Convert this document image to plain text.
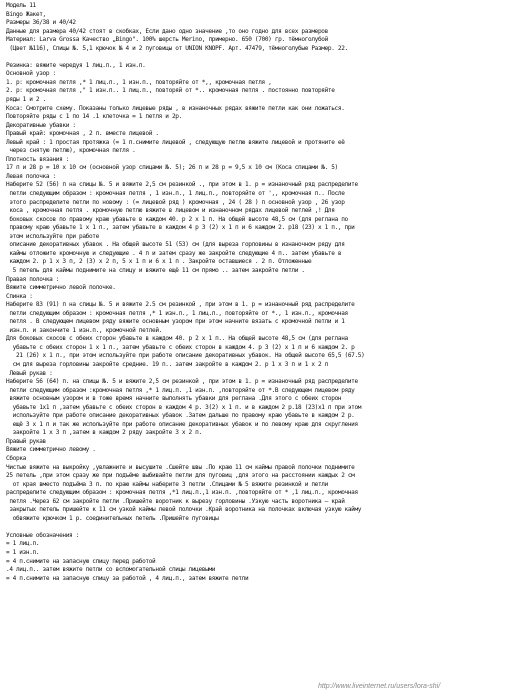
Модель 11
Bingo Жакет,
Размеры 36/38 и 40/42
Данные для размера 40/42 стоят в скобках, Если дано одно значение ,то оно годно для всех размеров
Материал: Larva Grossa Качество „Bingo". 100% шерсть Merino, примерно. 650 (700) гр. тёмноголубой
(Цвет №116), Спицы №. 5,1 крючок № 4 и 2 пуговицы от UNION KNOPF. Арт. 47479, тёмноголубые Размер. 22.
Резинка: вяжите чередуя 1 лиц.п., 1 изн.п.
Основной узор :
1. р: кромочная петля ,* 1 лиц.п., 1 изн.п., повторяйте от *,, кромочная петля ,
2. р: кромочная петля ," 1 изн.п.. 1 лиц.п., повторяй от *.. кромочная петля . постоянно повторяйте
ряды 1 и 2 .
Коса: Смотрите схему. Показаны только лицевые ряды , в изнаночных рядах вяжите петли как они ложаться.
Повторяйте ряды с 1 по 14 .1 клеточка = 1 петля и 2р.
Декоративные убавки :
Правый край: кромочная , 2 п. вместе лицевой .
Левый край : 1 простая протяжка (= 1 п.снимите лицевой , следующую петлю вяжите лицевой и протяните её
через снятую петлю), кромочная петля .
Плотность вязания :
17 п и 28 р = 10 х 10 см (основной узор спицами №. 5); 26 п и 28 р = 9,5 х 10 см (Коса спицами №. 5)
Левая полочка :
Наберите 52 (56) п на спицы №. 5 и вяжите 2,5 см резинкой ., при этом в 1. р = изнаночный ряд распределите
петли следующим образом : кромочная петля , 1 изн.п., 1 лиц.п., повторяйте от ',, кромочная п.. После
этого распределите петли по новому : (= лицевой ряд ) кромочная , 24 ( 28 ) п основной узор , 26 узор
коса , кромочная петля . кромочную петлю вяжите в лицевом и изнаночном рядах лицевой петлей ,! Для
боковых скосов по правому краю убавьте в каждом 40. р 2 х 1 п. На общей высоте 48,5 см (для реглана по
правому краю убавьте 1 х 1 п., затем убавьте в каждом 4 р 3 (2) х 1 п и 6 каждом 2. р18 (23) х 1 п., при
этом используйте при работе
описание декоративных убавок . На общей высоте 51 (53) см (для выреза горловины в изнаночном ряду для
каймы отложите кромочную и следующие . 4 п и затем сразу же закройте следующие 4 п.. затем убавьте в
каждом 2. р 1 х 3 п, 2 (3) х 2 п, 5 х 1 п и 6 х 1 п . Закройте оставшиеся . 2 п. Отложенные
5 петель для каймы поднимите на спицу и вяжите ещё 11 см прямо .. затем закройте петли .
Правая полочка :
Вяжите симметрично левой полочке.
Спинка :
Наберите 83 (91) п на спицы №. 5 и вяжите 2.5 см резинкой , при этом в 1. р = изнаночный ряд распределите
петли следующим образом : кромочная петля ,* 1 изн.п., 1 лиц.п., повторяйте от *., 1 изн.п., кромочная
петля . В следующем лицевом ряду вяжите основным узором при этом начните вязать с кромочной петли и 1
изн.п. и закончите 1 изн.п., кромочной петлей.
Для боковых скосов с обеих сторон убавьте в каждом 40. р 2 х 1 п.. На общей высоте 48,5 см (для реглана
убавьте с обеих сторон 1 х 1 п., затем убавьте с обеих сторон в каждом 4. р 3 (2) х 1 п и 6 каждом 2. р
21 (26) х 1 п., при этом используйте при работе описание декоративных убавок. На общей высоте 65,5 (67.5)
см для выреза горловины закройте средние. 19 п.. затем закройте в каждом 2. р 1 х 3 п и 1 х 2 п
Левый рукав :
Наберите 56 (64) п. на спицы №. 5 и вяжите 2,5 см резинкой , при этом в 1. р = изнаночный ряд распределите
петли следующим образом :кромочная петля ,* 1 лиц.п. ,1 изн.п. ,повторяйте от *.В следующем лицевом ряду
вяжите основным узором и в тоже время начните выполнять убавки для реглана .Для этого с обеих сторон
убавьте 1х1 п ,затем убавьте с обеих сторон в каждом 4 р. 3(2) х 1 п. и в каждом 2 р.18 (23)х1 п при этом
используйте при работе описание декоративных убавок .Затем дальше по правому краю убавьте в каждом 2 р.
ещё 3 х 1 п и так же используйте при работе описание декоративных убавок и по левому краю для скругления
закройте 1 х 3 п ,затем в каждом 2 ряду закройте 3 х 2 п.
Правый рукав
Вяжите симметрично левому .
Сборка
Чистые вяжите на выкройку ,увлажните и высушите .Сшейте швы .По краю 11 см каймы правой полочки поднимите
25 петель ,при этом сразу же при подъёме выбивайте петли для пуговиц ,для этого на расстоянии каждых 2 см
от края вместо подъёма 3 п. по краю каймы наберите 3 петли .Спицами № 5 вяжите резинкой и петли
распределите следующим образом : кромочная петля ,*1 лиц.п.,1 изн.п. ,повторяйте от * ,1 лиц.п., кромочная
петля .Через 62 см закройте петли .Пришейте воротник к вырезу горловины .Узкую часть воротника – край
закрытых петель пришейте к 11 см узкой каймы левой полочки .Край воротника на полочках включая узкую кайму
обвяжите крючком 1 р. соединительных петель .Пришейте пуговицы
Условные обозначения :
= 1 лиц.п.
= 1 изн.п.
= 4 п.снимите на запасную спицу перед работой
.4 лиц.п.. затем вяжите петли со вспомогательной спицы лицевыми
= 4 п.снимите на запасную спицу за работой , 4 лиц.п., затем вяжите петли
http://www.liveinternet.ru/users/lora-shi/
